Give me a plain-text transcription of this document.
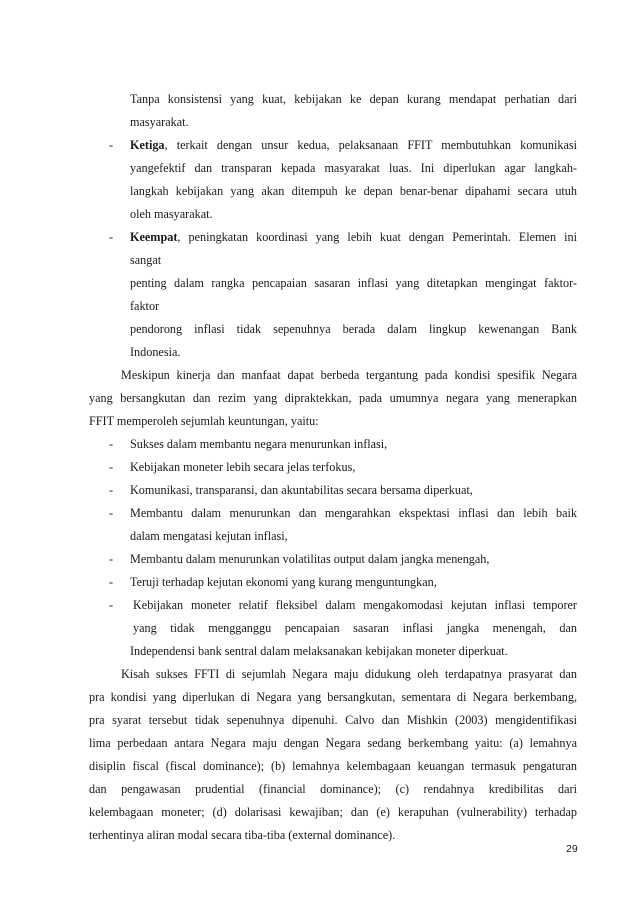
Tanpa konsistensi yang kuat, kebijakan ke depan kurang mendapat perhatian dari
masyarakat.
- Ketiga, terkait dengan unsur kedua, pelaksanaan FFIT membutuhkan komunikasi
yangefektif dan transparan kepada masyarakat luas. Ini diperlukan agar langkah-
langkah kebijakan yang akan ditempuh ke depan benar-benar dipahami secara utuh
oleh masyarakat.
- Keempat, peningkatan koordinasi yang lebih kuat dengan Pemerintah. Elemen ini
sangat
penting dalam rangka pencapaian sasaran inflasi yang ditetapkan mengingat faktor-
faktor
pendorong inflasi tidak sepenuhnya berada dalam lingkup kewenangan Bank
Indonesia.
Meskipun kinerja dan manfaat dapat berbeda tergantung pada kondisi spesifik Negara
yang bersangkutan dan rezim yang dipraktekkan, pada umumnya negara yang menerapkan
FFIT memperoleh sejumlah keuntungan, yaitu:
- Sukses dalam membantu negara menurunkan inflasi,
- Kebijakan moneter lebih secara jelas terfokus,
- Komunikasi, transparansi, dan akuntabilitas secara bersama diperkuat,
- Membantu dalam menurunkan dan mengarahkan ekspektasi inflasi dan lebih baik
dalam mengatasi kejutan inflasi,
- Membantu dalam menurunkan volatilitas output dalam jangka menengah,
- Teruji terhadap kejutan ekonomi yang kurang menguntungkan,
- Kebijakan moneter relatif fleksibel dalam mengakomodasi kejutan inflasi temporer
yang tidak mengganggu pencapaian sasaran inflasi jangka menengah, dan
Independensi bank sentral dalam melaksanakan kebijakan moneter diperkuat.
Kisah sukses FFTI di sejumlah Negara maju didukung oleh terdapatnya prasyarat dan
pra kondisi yang diperlukan di Negara yang bersangkutan, sementara di Negara berkembang,
pra syarat tersebut tidak sepenuhnya dipenuhi. Calvo dan Mishkin (2003) mengidentifikasi
lima perbedaan antara Negara maju dengan Negara sedang berkembang yaitu: (a) lemahnya
disiplin fiscal (fiscal dominance); (b) lemahnya kelembagaan keuangan termasuk pengaturan
dan pengawasan prudential (financial dominance); (c) rendahnya kredibilitas dari
kelembagaan moneter; (d) dolarisasi kewajiban; dan (e) kerapuhan (vulnerability) terhadap
terhentinya aliran modal secara tiba-tiba (external dominance).
29
